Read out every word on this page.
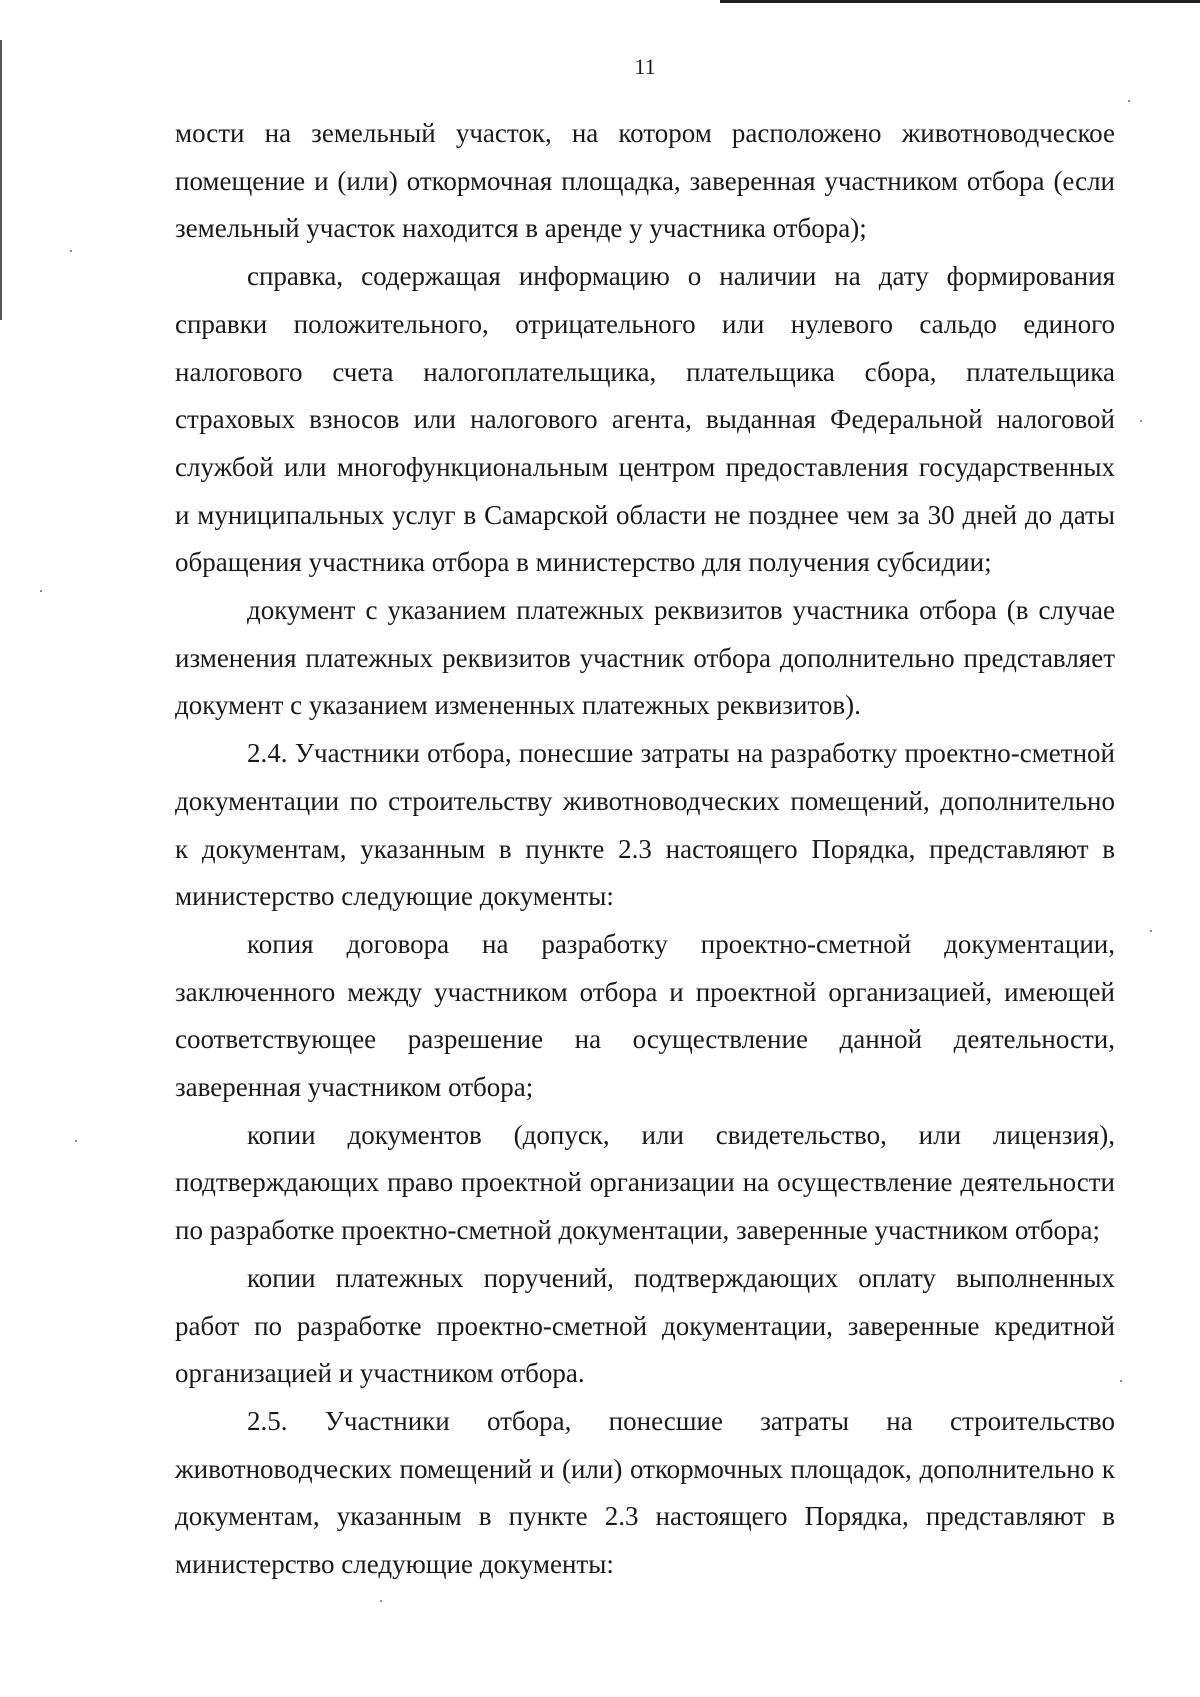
11

мости на земельный участок, на котором расположено животноводческое помещение и (или) откормочная площадка, заверенная участником отбора (если земельный участок находится в аренде у участника отбора);

справка, содержащая информацию о наличии на дату формирования справки положительного, отрицательного или нулевого сальдо единого налогового счета налогоплательщика, плательщика сбора, плательщика страховых взносов или налогового агента, выданная Федеральной налоговой службой или многофункциональным центром предоставления государственных и муниципальных услуг в Самарской области не позднее чем за 30 дней до даты обращения участника отбора в министерство для получения субсидии;

документ с указанием платежных реквизитов участника отбора (в случае изменения платежных реквизитов участник отбора дополнительно представляет документ с указанием измененных платежных реквизитов).

2.4. Участники отбора, понесшие затраты на разработку проектно-сметной документации по строительству животноводческих помещений, дополнительно к документам, указанным в пункте 2.3 настоящего Порядка, представляют в министерство следующие документы:

копия договора на разработку проектно-сметной документации, заключенного между участником отбора и проектной организацией, имеющей соответствующее разрешение на осуществление данной деятельности, заверенная участником отбора;

копии документов (допуск, или свидетельство, или лицензия), подтверждающих право проектной организации на осуществление деятельности по разработке проектно-сметной документации, заверенные участником отбора;

копии платежных поручений, подтверждающих оплату выполненных работ по разработке проектно-сметной документации, заверенные кредитной организацией и участником отбора.

2.5. Участники отбора, понесшие затраты на строительство животноводческих помещений и (или) откормочных площадок, дополнительно к документам, указанным в пункте 2.3 настоящего Порядка, представляют в министерство следующие документы:
